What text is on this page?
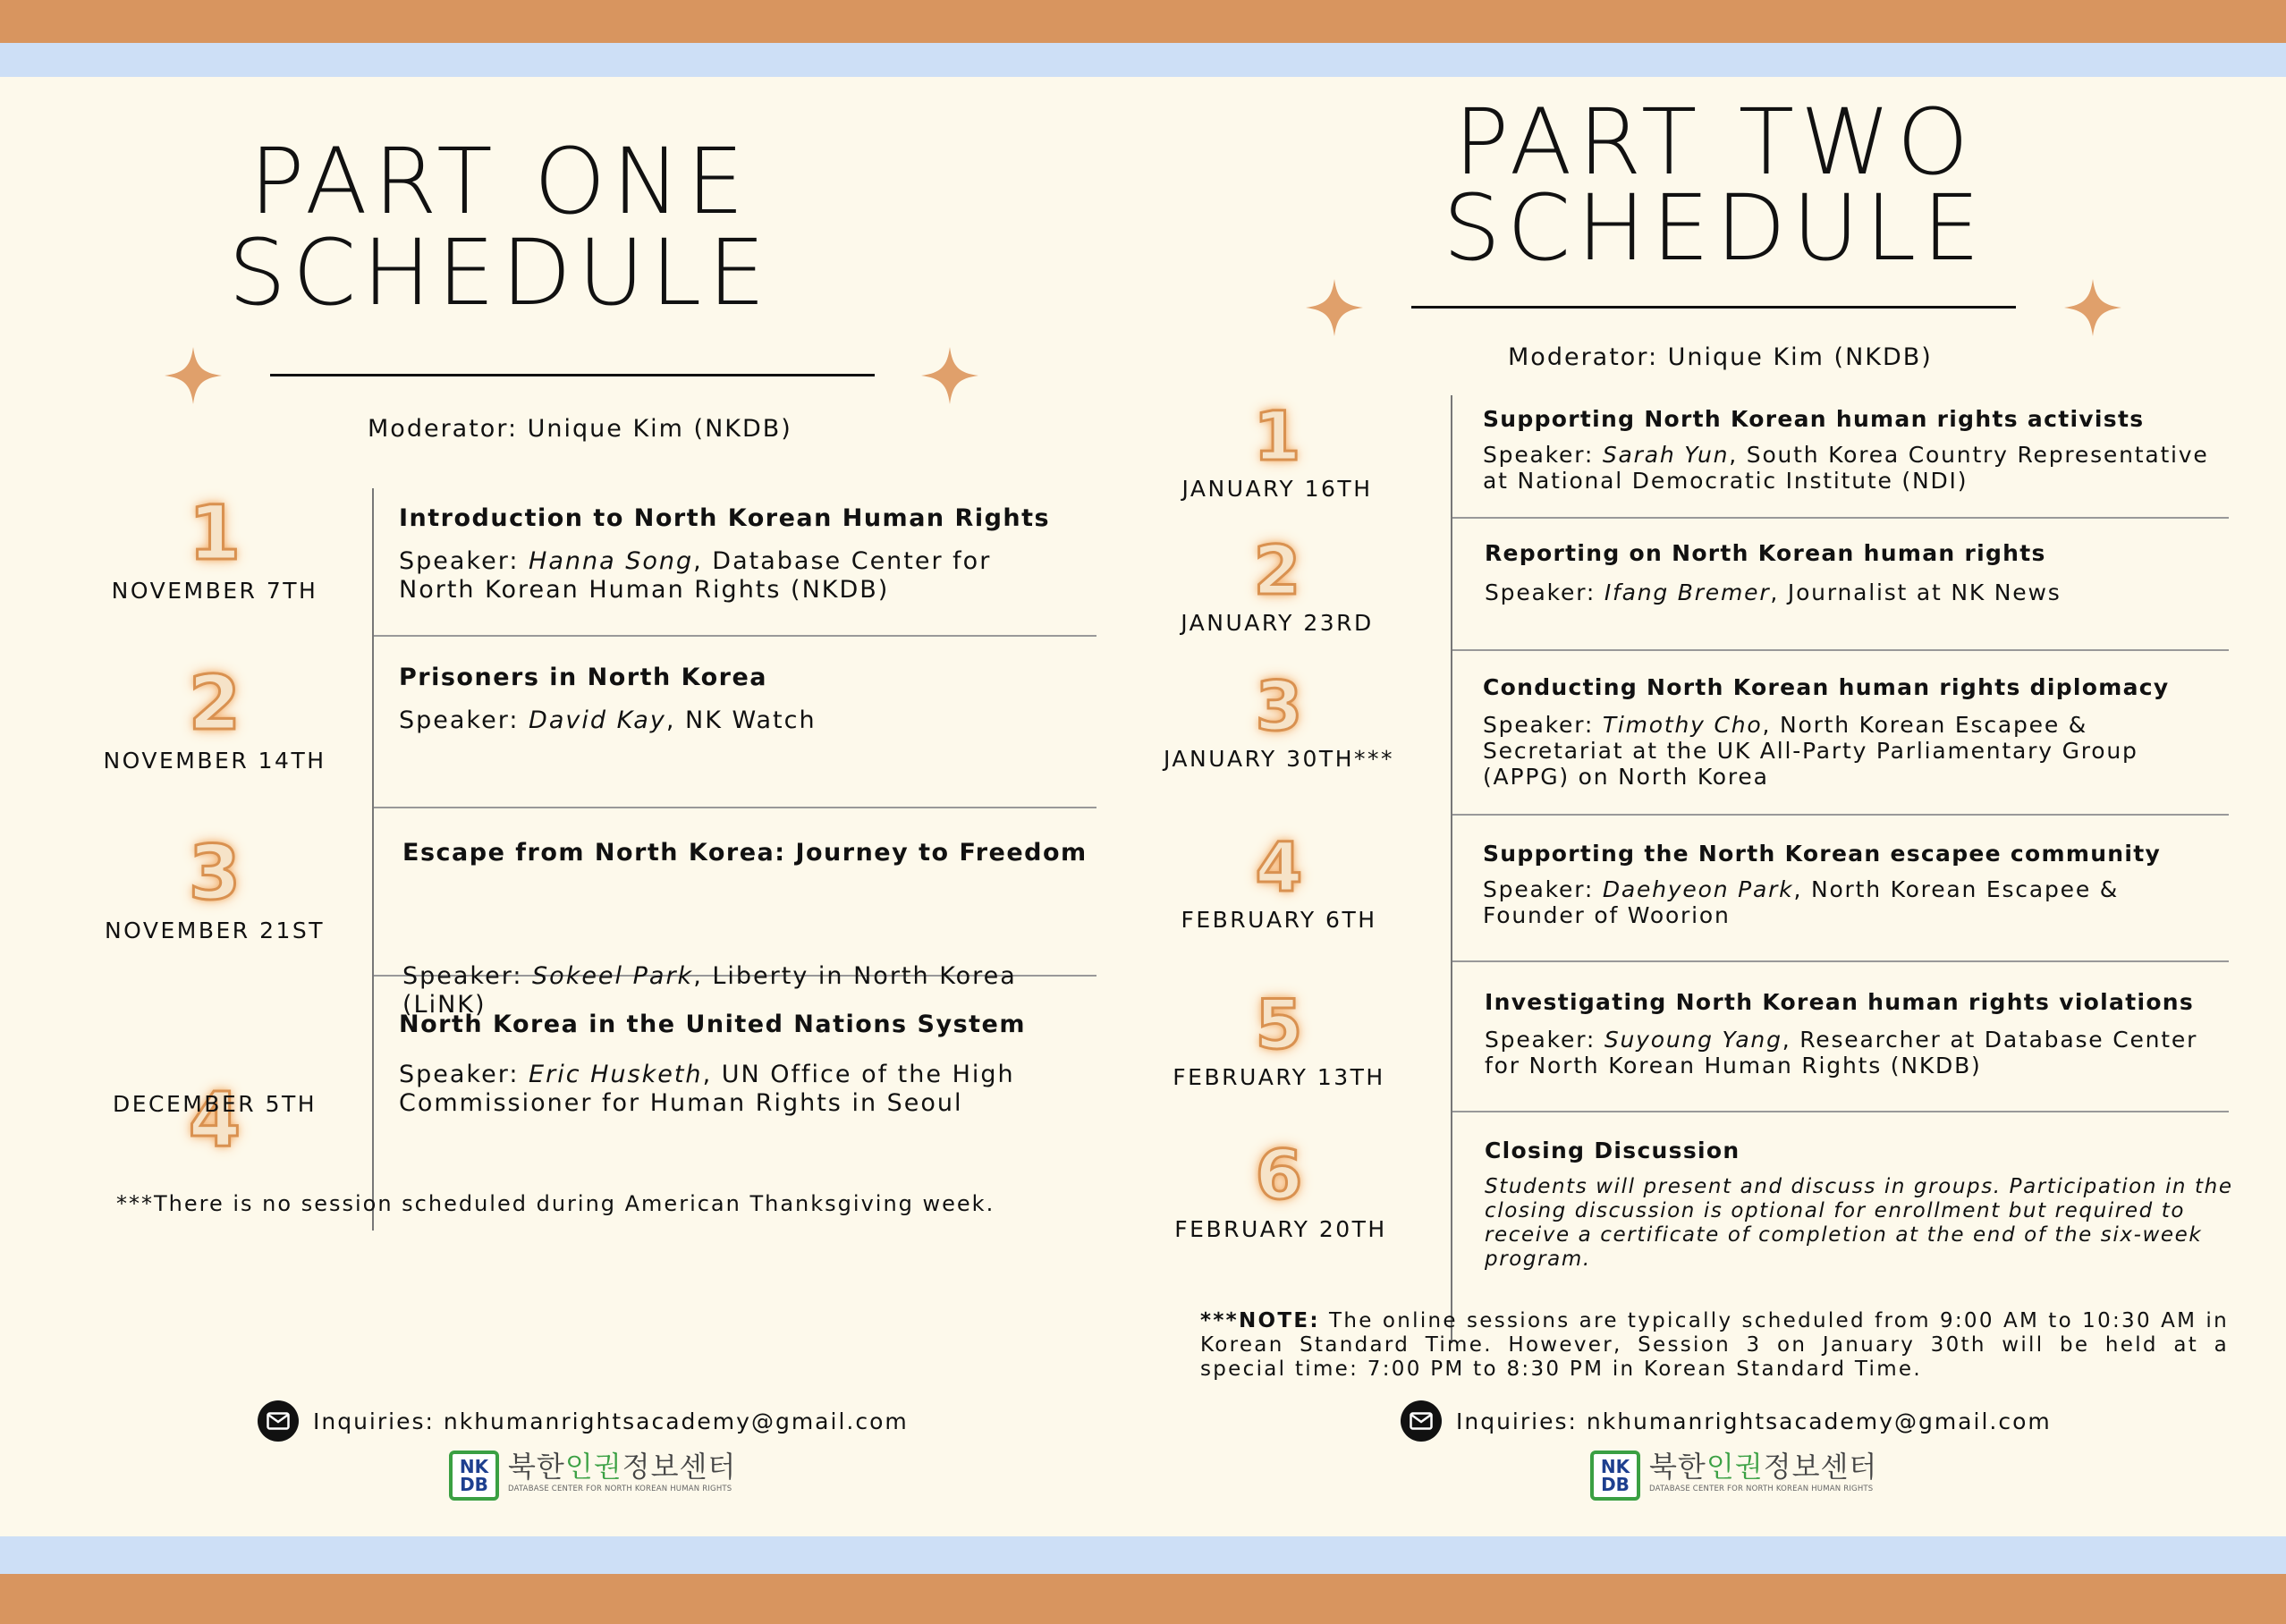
PART ONE
SCHEDULE
Moderator: Unique Kim (NKDB)
1
NOVEMBER 7TH
Introduction to North Korean Human Rights
Speaker: Hanna Song, Database Center for North Korean Human Rights (NKDB)
2
NOVEMBER 14TH
Prisoners in North Korea
Speaker: David Kay, NK Watch
3
NOVEMBER 21ST
Escape from North Korea: Journey to Freedom
Speaker: Sokeel Park, Liberty in North Korea (LiNK)
4
DECEMBER 5TH
North Korea in the United Nations System
Speaker: Eric Husketh, UN Office of the High Commissioner for Human Rights in Seoul
***There is no session scheduled during American Thanksgiving week.
Inquiries: nkhumanrightsacademy@gmail.com
NK
DB
북한인권정보센터
DATABASE CENTER FOR NORTH KOREAN HUMAN RIGHTS
PART TWO
SCHEDULE
Moderator: Unique Kim (NKDB)
1
JANUARY 16TH
Supporting North Korean human rights activists
Speaker: Sarah Yun, South Korea Country Representative at National Democratic Institute (NDI)
2
JANUARY 23RD
Reporting on North Korean human rights
Speaker: Ifang Bremer, Journalist at NK News
3
JANUARY 30TH***
Conducting North Korean human rights diplomacy
Speaker: Timothy Cho, North Korean Escapee & Secretariat at the UK All-Party Parliamentary Group (APPG) on North Korea
4
FEBRUARY 6TH
Supporting the North Korean escapee community
Speaker: Daehyeon Park, North Korean Escapee & Founder of Woorion
5
FEBRUARY 13TH
Investigating North Korean human rights violations
Speaker: Suyoung Yang, Researcher at Database Center for North Korean Human Rights (NKDB)
6
FEBRUARY 20TH
Closing Discussion
Students will present and discuss in groups. Participation in the closing discussion is optional for enrollment but required to receive a certificate of completion at the end of the six-week program.
***NOTE: The online sessions are typically scheduled from 9:00 AM to 10:30 AM in Korean Standard Time. However, Session 3 on January 30th will be held at a special time: 7:00 PM to 8:30 PM in Korean Standard Time.
Inquiries: nkhumanrightsacademy@gmail.com
NK
DB
북한인권정보센터
DATABASE CENTER FOR NORTH KOREAN HUMAN RIGHTS
